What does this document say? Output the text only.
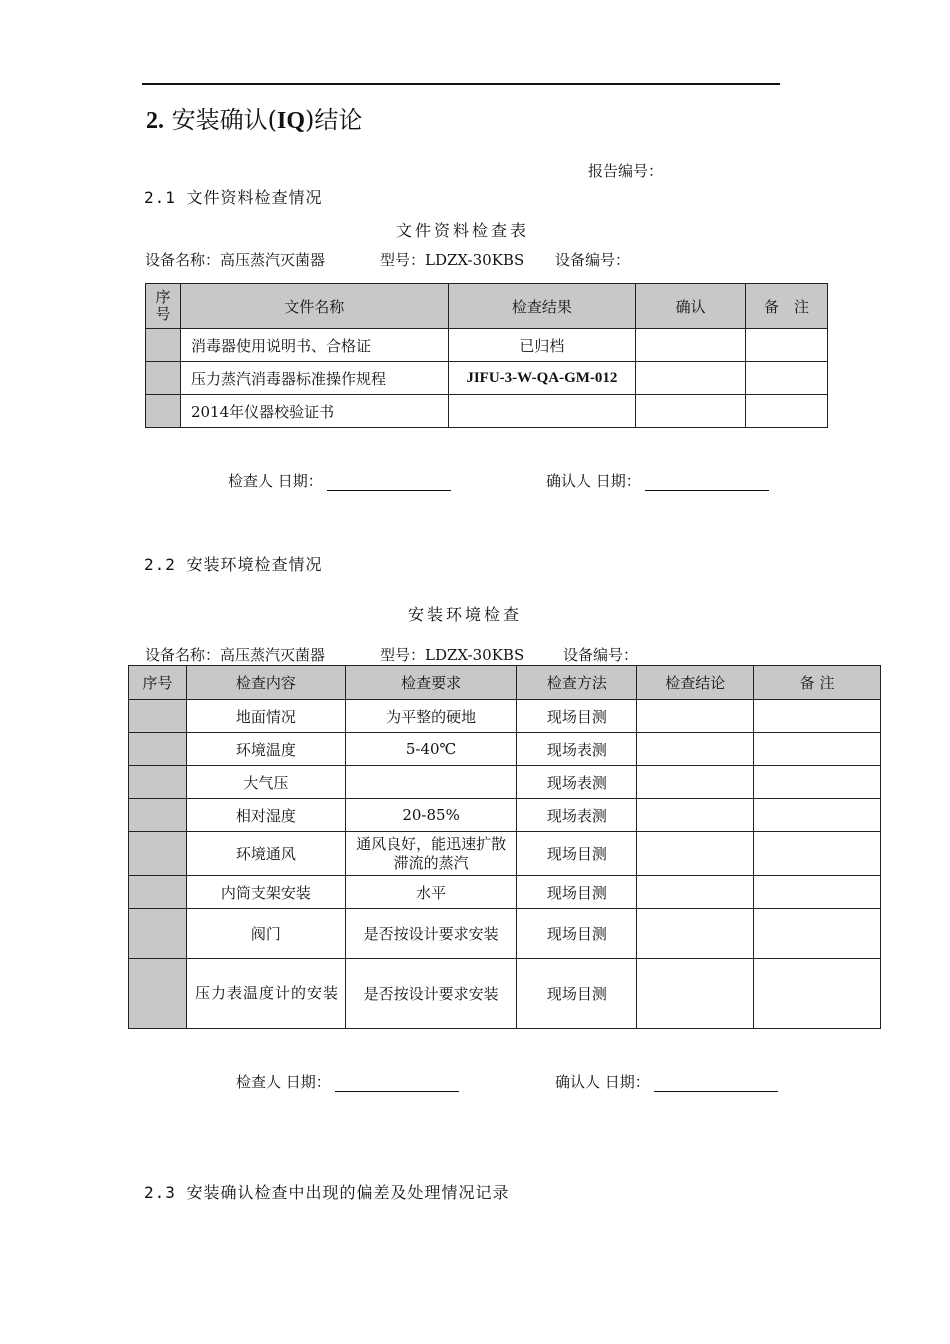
2. 安装确认(IQ)结论
报告编号：
2.1 文件资料检查情况
文件资料检查表
设备名称：高压蒸汽灭菌器	型号：LDZX-30KBS 设备编号：
序号	文件名称	检查结果	确认	备　注
	消毒器使用说明书、合格证	已归档		
	压力蒸汽消毒器标准操作规程	JIFU-3-W-QA-GM-012		
	2014年仪器校验证书			
检查人 日期：	确认人 日期：
2.2 安装环境检查情况
安装环境检查
设备名称：高压蒸汽灭菌器	型号：LDZX-30KBS	设备编号：
序号	检查内容	检查要求	检查方法	检查结论	备 注
	地面情况	为平整的硬地	现场目测		
	环境温度	5-40℃	现场表测		
	大气压		现场表测		
	相对湿度	20-85%	现场表测		
	环境通风	通风良好，能迅速扩散滞流的蒸汽	现场目测		
	内筒支架安装	水平	现场目测		
	阀门	是否按设计要求安装	现场目测		
	压力表温度计的安装	是否按设计要求安装	现场目测		
检查人 日期：	确认人 日期：
2.3 安装确认检查中出现的偏差及处理情况记录
